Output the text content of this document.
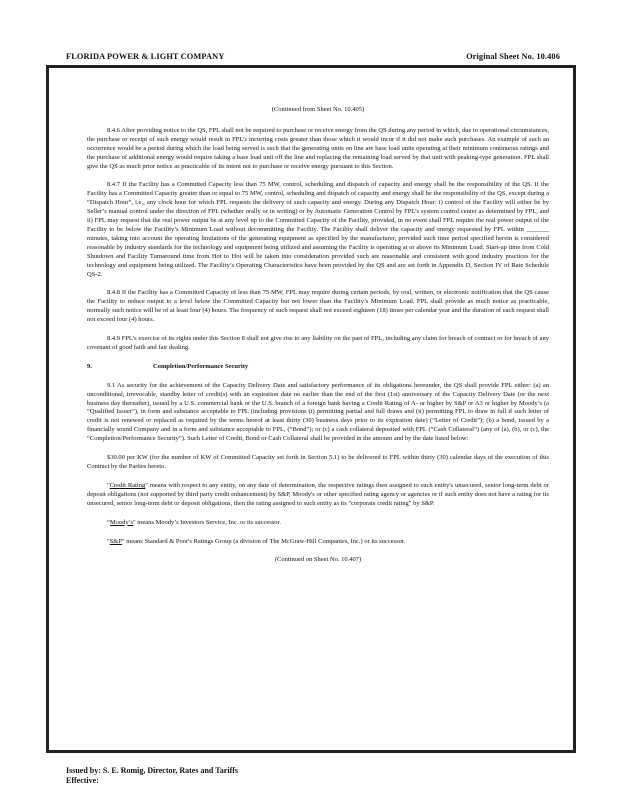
FLORIDA POWER & LIGHT COMPANY	Original Sheet No. 10.406

(Continued from Sheet No. 10.405)

8.4.6 After providing notice to the QS, FPL shall not be required to purchase or receive energy from the QS during any period in which, due to operational circumstances, the purchase or receipt of such energy would result in FPL’s incurring costs greater than those which it would incur if it did not make such purchases. An example of such an occurrence would be a period during which the load being served is such that the generating units on line are base load units operating at their minimum continuous ratings and the purchase of additional energy would require taking a base load unit off the line and replacing the remaining load served by that unit with peaking-type generation. FPL shall give the QS as much prior notice as practicable of its intent not to purchase or receive energy pursuant to this Section.

8.4.7 If the Facility has a Committed Capacity less than 75 MW, control, scheduling and dispatch of capacity and energy shall be the responsibility of the QS. If the Facility has a Committed Capacity greater than or equal to 75 MW, control, scheduling and dispatch of capacity and energy shall be the responsibility of the QS, except during a “Dispatch Hour”, i.e., any clock hour for which FPL requests the delivery of such capacity and energy. During any Dispatch Hour: i) control of the Facility will either be by Seller’s manual control under the direction of FPL (whether orally or in writing) or by Automatic Generation Control by FPL’s system control center as determined by FPL, and ii) FPL may request that the real power output be at any level up to the Committed Capacity of the Facility, provided, in no event shall FPL require the real power output of the Facility to be below the Facility’s Minimum Load without decommitting the Facility. The Facility shall deliver the capacity and energy requested by FPL within _______ minutes, taking into account the operating limitations of the generating equipment as specified by the manufacturer, provided such time period specified herein is considered reasonable by industry standards for the technology and equipment being utilized and assuming the Facility is operating at or above its Minimum Load. Start-up time from Cold Shutdown and Facility Turnaround time from Hot to Hot will be taken into consideration provided such are reasonable and consistent with good industry practices for the technology and equipment being utilized. The Facility’s Operating Characteristics have been provided by the QS and are set forth in Appendix D, Section IV of Rate Schedule QS-2.

8.4.8 If the Facility has a Committed Capacity of less than 75 MW, FPL may require during certain periods, by oral, written, or electronic notification that the QS cause the Facility to reduce output to a level below the Committed Capacity but not lower than the Facility’s Minimum Load. FPL shall provide as much notice as practicable, normally such notice will be of at least four (4) hours. The frequency of such request shall not exceed eighteen (18) times per calendar year and the duration of each request shall not exceed four (4) hours.

8.4.9 FPL’s exercise of its rights under this Section 8 shall not give rise to any liability on the part of FPL, including any claim for breach of contract or for breach of any covenant of good faith and fair dealing.

9.	Completion/Performance Security

9.1 As security for the achievement of the Capacity Delivery Date and satisfactory performance of its obligations hereunder, the QS shall provide FPL either: (a) an unconditional, irrevocable, standby letter of credit(s) with an expiration date no earlier than the end of the first (1st) anniversary of the Capacity Delivery Date (or the next business day thereafter), issued by a U.S. commercial bank or the U.S. branch of a foreign bank having a Credit Rating of A- or higher by S&P or A3 or higher by Moody’s (a “Qualified Issuer”), in form and substance acceptable to FPL (including provisions (i) permitting partial and full draws and (ii) permitting FPL to draw in full if such letter of credit is not renewed or replaced as required by the terms hereof at least thirty (30) business days prior to its expiration date) (“Letter of Credit”); (b) a bond, issued by a financially sound Company and in a form and substance acceptable to FPL, (“Bond”); or (c) a cash collateral deposited with FPL (“Cash Collateral”) (any of (a), (b), or (c), the “Completion/Performance Security”). Such Letter of Credit, Bond or Cash Collateral shall be provided in the amount and by the date listed below:

$30.00 per KW (for the number of KW of Committed Capacity set forth in Section 5.1) to be delivered to FPL within thirty (30) calendar days of the execution of this Contract by the Parties hereto.

"Credit Rating" means with respect to any entity, on any date of determination, the respective ratings then assigned to such entity's unsecured, senior long-term debt or deposit obligations (not supported by third party credit enhancement) by S&P, Moody's or other specified rating agency or agencies or if such entity does not have a rating for its unsecured, senior long-term debt or deposit obligations, then the rating assigned to such entity as its "corporate credit rating" by S&P.

“Moody’s" means Moody’s Investors Service, Inc. or its successor.

"S&P" means Standard & Poor's Ratings Group (a division of The McGraw-Hill Companies, Inc.) or its successor.

(Continued on Sheet No. 10.407)

Issued by: S. E. Romig, Director, Rates and Tariffs
Effective:
